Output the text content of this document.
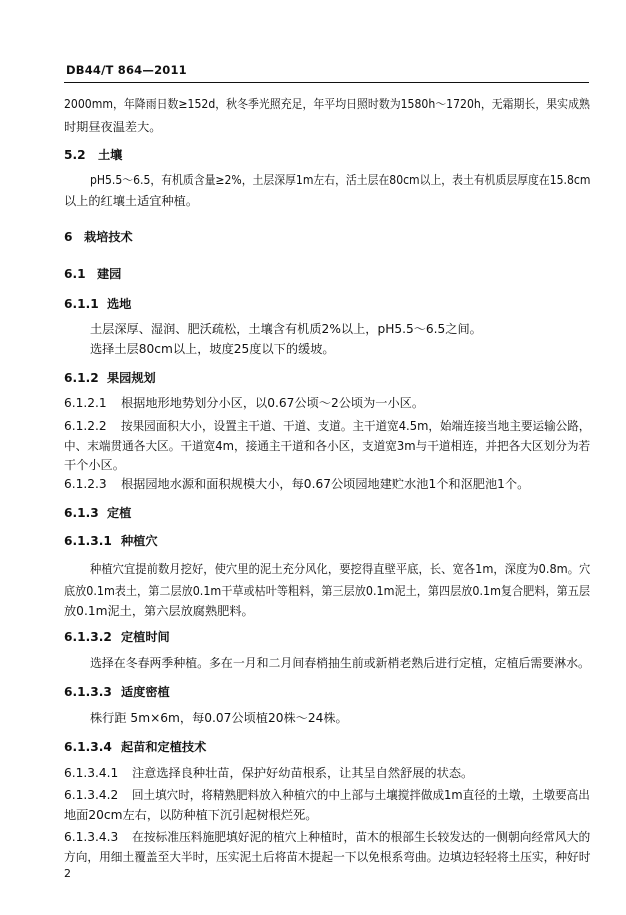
DB44/T 864—2011
2000mm，年降雨日数≥152d，秋冬季光照充足，年平均日照时数为1580h～1720h，无霜期长，果实成熟
时期昼夜温差大。
5.2 土壤
pH5.5～6.5，有机质含量≥2%，土层深厚1m左右，活土层在80cm以上，表土有机质层厚度在15.8cm
以上的红壤土适宜种植。
6 栽培技术
6.1 建园
6.1.1 选地
土层深厚、湿润、肥沃疏松，土壤含有机质2%以上，pH5.5～6.5之间。
选择土层80cm以上，坡度25度以下的缓坡。
6.1.2 果园规划
6.1.2.1 根据地形地势划分小区，以0.67公顷～2公顷为一小区。
6.1.2.2 按果园面积大小，设置主干道、干道、支道。主干道宽4.5m，始端连接当地主要运输公路，
中、末端贯通各大区。干道宽4m，接通主干道和各小区，支道宽3m与干道相连，并把各大区划分为若
干个小区。
6.1.2.3 根据园地水源和面积规模大小，每0.67公顷园地建贮水池1个和沤肥池1个。
6.1.3 定植
6.1.3.1 种植穴
种植穴宜提前数月挖好，使穴里的泥土充分风化，要挖得直壁平底，长、宽各1m，深度为0.8m。穴
底放0.1m表土，第二层放0.1m干草或枯叶等粗料，第三层放0.1m泥土，第四层放0.1m复合肥料，第五层
放0.1m泥土，第六层放腐熟肥料。
6.1.3.2 定植时间
选择在冬春两季种植。多在一月和二月间春梢抽生前或新梢老熟后进行定植，定植后需要淋水。
6.1.3.3 适度密植
株行距 5m×6m，每0.07公顷植20株～24株。
6.1.3.4 起苗和定植技术
6.1.3.4.1 注意选择良种壮苗，保护好幼苗根系，让其呈自然舒展的状态。
6.1.3.4.2 回土填穴时，将精熟肥料放入种植穴的中上部与土壤搅拌做成1m直径的土墩，土墩要高出
地面20cm左右，以防种植下沉引起树根烂死。
6.1.3.4.3 在按标准压料施肥填好泥的植穴上种植时，苗木的根部生长较发达的一侧朝向经常风大的
方向，用细土覆盖至大半时，压实泥土后将苗木提起一下以免根系弯曲。边填边轻轻将土压实，种好时
2
